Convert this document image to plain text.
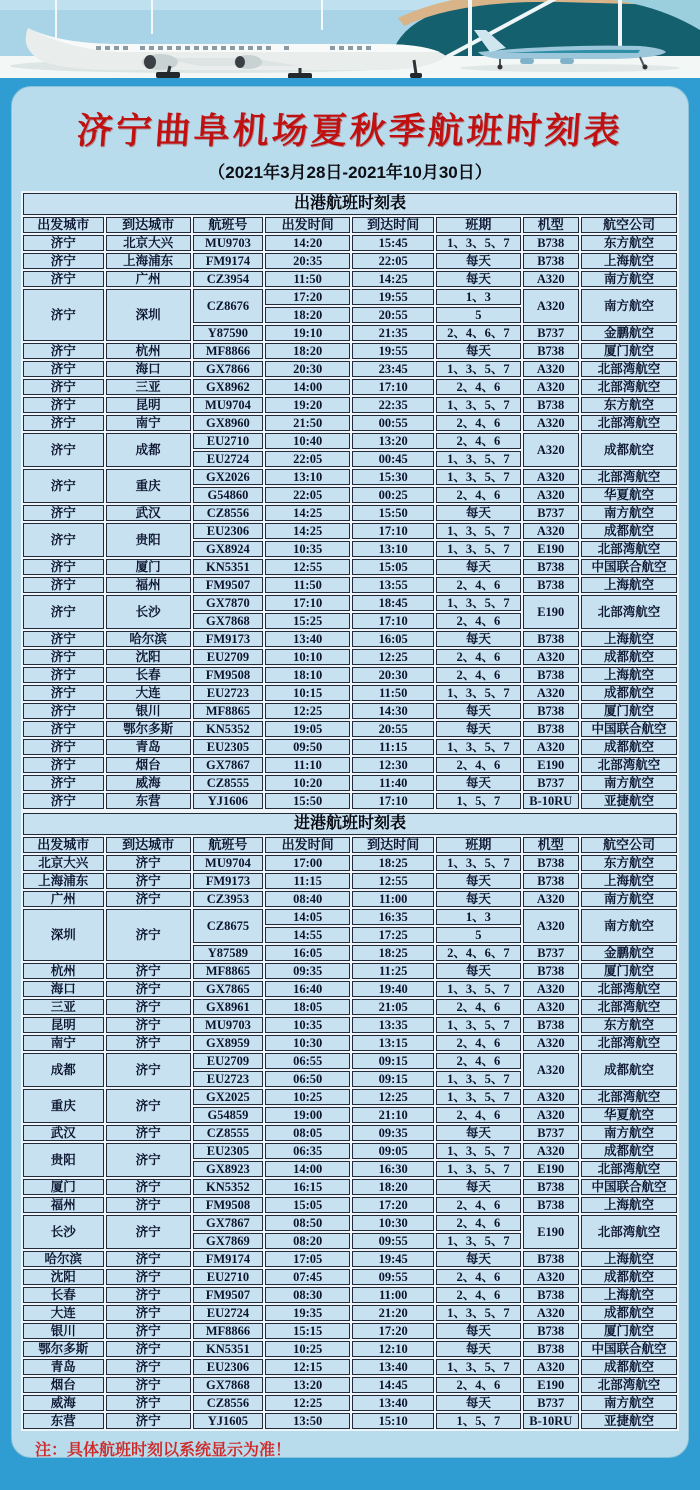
济宁曲阜机场夏秋季航班时刻表
（2021年3月28日-2021年10月30日）
出港航班时刻表							
出发城市	到达城市	航班号	出发时间	到达时间	班期	机型	航空公司
济宁	北京大兴	MU9703	14:20	15:45	1、3、5、7	B738	东方航空
济宁	上海浦东	FM9174	20:35	22:05	每天	B738	上海航空
济宁	广州	CZ3954	11:50	14:25	每天	A320	南方航空
济宁	深圳	CZ8676	17:20	19:55	1、3	A320	南方航空
			18:20	20:55	5		
		Y87590	19:10	21:35	2、4、6、7	B737	金鹏航空
济宁	杭州	MF8866	18:20	19:55	每天	B738	厦门航空
济宁	海口	GX7866	20:30	23:45	1、3、5、7	A320	北部湾航空
济宁	三亚	GX8962	14:00	17:10	2、4、6	A320	北部湾航空
济宁	昆明	MU9704	19:20	22:35	1、3、5、7	B738	东方航空
济宁	南宁	GX8960	21:50	00:55	2、4、6	A320	北部湾航空
济宁	成都	EU2710	10:40	13:20	2、4、6	A320	成都航空
		EU2724	22:05	00:45	1、3、5、7		
济宁	重庆	GX2026	13:10	15:30	1、3、5、7	A320	北部湾航空
		G54860	22:05	00:25	2、4、6	A320	华夏航空
济宁	武汉	CZ8556	14:25	15:50	每天	B737	南方航空
济宁	贵阳	EU2306	14:25	17:10	1、3、5、7	A320	成都航空
		GX8924	10:35	13:10	1、3、5、7	E190	北部湾航空
济宁	厦门	KN5351	12:55	15:05	每天	B738	中国联合航空
济宁	福州	FM9507	11:50	13:55	2、4、6	B738	上海航空
济宁	长沙	GX7870	17:10	18:45	1、3、5、7	E190	北部湾航空
		GX7868	15:25	17:10	2、4、6		
济宁	哈尔滨	FM9173	13:40	16:05	每天	B738	上海航空
济宁	沈阳	EU2709	10:10	12:25	2、4、6	A320	成都航空
济宁	长春	FM9508	18:10	20:30	2、4、6	B738	上海航空
济宁	大连	EU2723	10:15	11:50	1、3、5、7	A320	成都航空
济宁	银川	MF8865	12:25	14:30	每天	B738	厦门航空
济宁	鄂尔多斯	KN5352	19:05	20:55	每天	B738	中国联合航空
济宁	青岛	EU2305	09:50	11:15	1、3、5、7	A320	成都航空
济宁	烟台	GX7867	11:10	12:30	2、4、6	E190	北部湾航空
济宁	威海	CZ8555	10:20	11:40	每天	B737	南方航空
济宁	东营	YJ1606	15:50	17:10	1、5、7	B-10RU	亚捷航空
进港航班时刻表							
出发城市	到达城市	航班号	出发时间	到达时间	班期	机型	航空公司
北京大兴	济宁	MU9704	17:00	18:25	1、3、5、7	B738	东方航空
上海浦东	济宁	FM9173	11:15	12:55	每天	B738	上海航空
广州	济宁	CZ3953	08:40	11:00	每天	A320	南方航空
深圳	济宁	CZ8675	14:05	16:35	1、3	A320	南方航空
			14:55	17:25	5		
		Y87589	16:05	18:25	2、4、6、7	B737	金鹏航空
杭州	济宁	MF8865	09:35	11:25	每天	B738	厦门航空
海口	济宁	GX7865	16:40	19:40	1、3、5、7	A320	北部湾航空
三亚	济宁	GX8961	18:05	21:05	2、4、6	A320	北部湾航空
昆明	济宁	MU9703	10:35	13:35	1、3、5、7	B738	东方航空
南宁	济宁	GX8959	10:30	13:15	2、4、6	A320	北部湾航空
成都	济宁	EU2709	06:55	09:15	2、4、6	A320	成都航空
		EU2723	06:50	09:15	1、3、5、7		
重庆	济宁	GX2025	10:25	12:25	1、3、5、7	A320	北部湾航空
		G54859	19:00	21:10	2、4、6	A320	华夏航空
武汉	济宁	CZ8555	08:05	09:35	每天	B737	南方航空
贵阳	济宁	EU2305	06:35	09:05	1、3、5、7	A320	成都航空
		GX8923	14:00	16:30	1、3、5、7	E190	北部湾航空
厦门	济宁	KN5352	16:15	18:20	每天	B738	中国联合航空
福州	济宁	FM9508	15:05	17:20	2、4、6	B738	上海航空
长沙	济宁	GX7867	08:50	10:30	2、4、6	E190	北部湾航空
		GX7869	08:20	09:55	1、3、5、7		
哈尔滨	济宁	FM9174	17:05	19:45	每天	B738	上海航空
沈阳	济宁	EU2710	07:45	09:55	2、4、6	A320	成都航空
长春	济宁	FM9507	08:30	11:00	2、4、6	B738	上海航空
大连	济宁	EU2724	19:35	21:20	1、3、5、7	A320	成都航空
银川	济宁	MF8866	15:15	17:20	每天	B738	厦门航空
鄂尔多斯	济宁	KN5351	10:25	12:10	每天	B738	中国联合航空
青岛	济宁	EU2306	12:15	13:40	1、3、5、7	A320	成都航空
烟台	济宁	GX7868	13:20	14:45	2、4、6	E190	北部湾航空
威海	济宁	CZ8556	12:25	13:40	每天	B737	南方航空
东营	济宁	YJ1605	13:50	15:10	1、5、7	B-10RU	亚捷航空
注：具体航班时刻以系统显示为准！
